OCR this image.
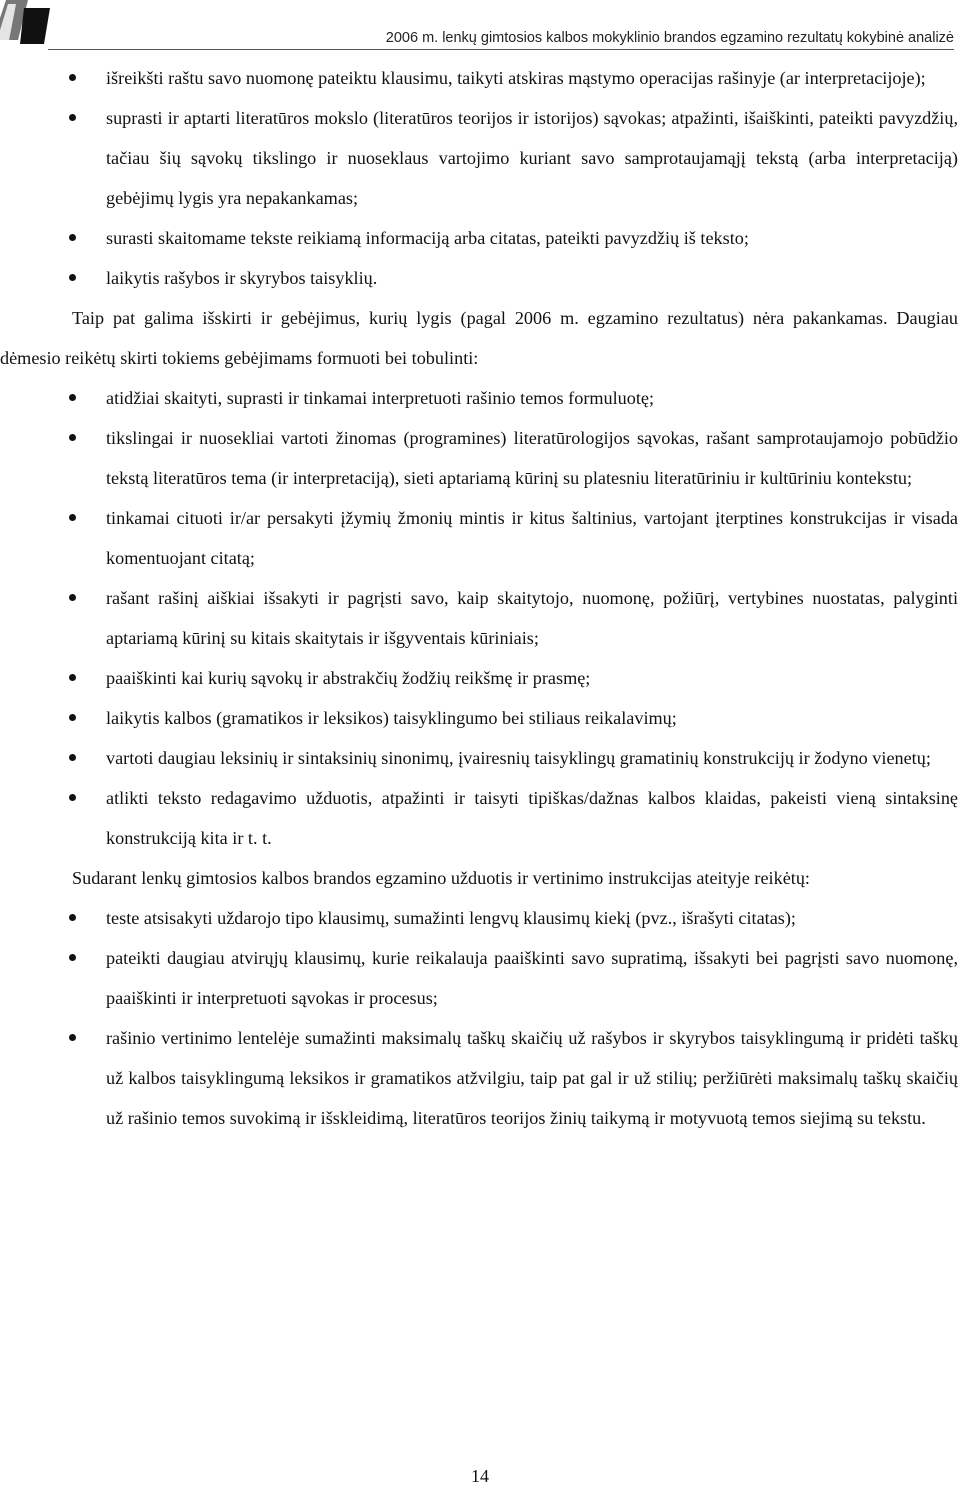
2006 m. lenkų gimtosios kalbos mokyklinio brandos egzamino rezultatų kokybinė analizė
išreikšti raštu savo nuomonę pateiktu klausimu, taikyti atskiras mąstymo operacijas rašinyje (ar interpretacijoje);
suprasti ir aptarti literatūros mokslo (literatūros teorijos ir istorijos) sąvokas; atpažinti, išaiškinti, pateikti pavyzdžių, tačiau šių sąvokų tikslingo ir nuoseklaus vartojimo kuriant savo samprotaujamąjį tekstą (arba interpretaciją) gebėjimų lygis yra nepakankamas;
surasti skaitomame tekste reikiamą informaciją arba citatas, pateikti pavyzdžių iš teksto;
laikytis rašybos ir skyrybos taisyklių.

Taip pat galima išskirti ir gebėjimus, kurių lygis (pagal 2006 m. egzamino rezultatus) nėra pakankamas. Daugiau dėmesio reikėtų skirti tokiems gebėjimams formuoti bei tobulinti:

atidžiai skaityti, suprasti ir tinkamai interpretuoti rašinio temos formuluotę;
tikslingai ir nuosekliai vartoti žinomas (programines) literatūrologijos sąvokas, rašant samprotaujamojo pobūdžio tekstą literatūros tema (ir interpretaciją), sieti aptariamą kūrinį su platesniu literatūriniu ir kultūriniu kontekstu;
tinkamai cituoti ir/ar persakyti įžymių žmonių mintis ir kitus šaltinius, vartojant įterptines konstrukcijas ir visada komentuojant citatą;
rašant rašinį aiškiai išsakyti ir pagrįsti savo, kaip skaitytojo, nuomonę, požiūrį, vertybines nuostatas, palyginti aptariamą kūrinį su kitais skaitytais ir išgyventais kūriniais;
paaiškinti kai kurių sąvokų ir abstrakčių žodžių reikšmę ir prasmę;
laikytis kalbos (gramatikos ir leksikos) taisyklingumo bei stiliaus reikalavimų;
vartoti daugiau leksinių ir sintaksinių sinonimų, įvairesnių taisyklingų gramatinių konstrukcijų ir žodyno vienetų;
atlikti teksto redagavimo užduotis, atpažinti ir taisyti tipiškas/dažnas kalbos klaidas, pakeisti vieną sintaksinę konstrukciją kita ir t. t.

Sudarant lenkų gimtosios kalbos brandos egzamino užduotis ir vertinimo instrukcijas ateityje reikėtų:

teste atsisakyti uždarojo tipo klausimų, sumažinti lengvų klausimų kiekį (pvz., išrašyti citatas);
pateikti daugiau atvirųjų klausimų, kurie reikalauja paaiškinti savo supratimą, išsakyti bei pagrįsti savo nuomonę, paaiškinti ir interpretuoti sąvokas ir procesus;
rašinio vertinimo lentelėje sumažinti maksimalų taškų skaičių už rašybos ir skyrybos taisyklingumą ir pridėti taškų už kalbos taisyklingumą leksikos ir gramatikos atžvilgiu, taip pat gal ir už stilių; peržiūrėti maksimalų taškų skaičių už rašinio temos suvokimą ir išskleidimą, literatūros teorijos žinių taikymą ir motyvuotą temos siejimą su tekstu.
14
